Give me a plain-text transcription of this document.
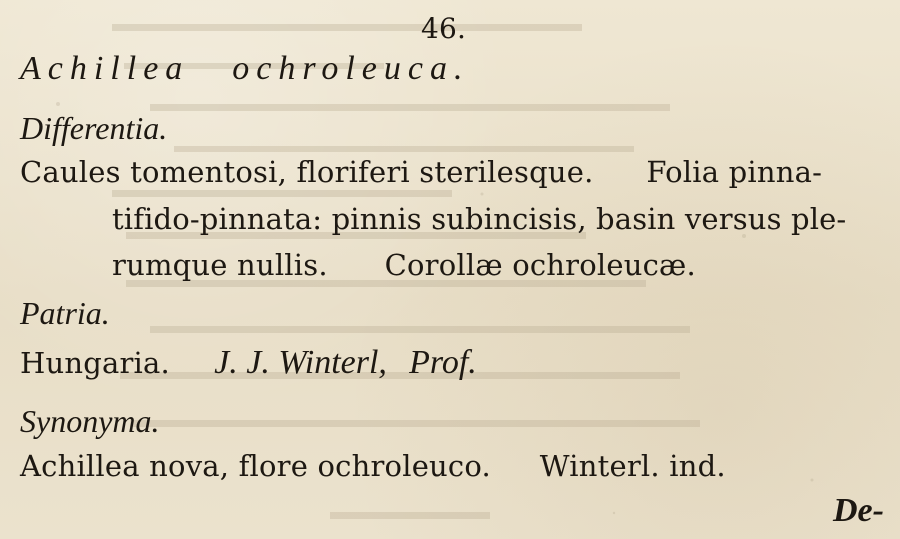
46.
Achillea ochroleuca.
Differentia.
Caules tomentosi, floriferi sterilesque. Folia pinna-
tifido-pinnata: pinnis subincisis, basin versus ple-
rumque nullis. Corollæ ochroleucæ.
Patria.
Hungaria. J. J. Winterl, Prof.
Synonyma.
Achillea nova, flore ochroleuco. Winterl. ind.
De-
